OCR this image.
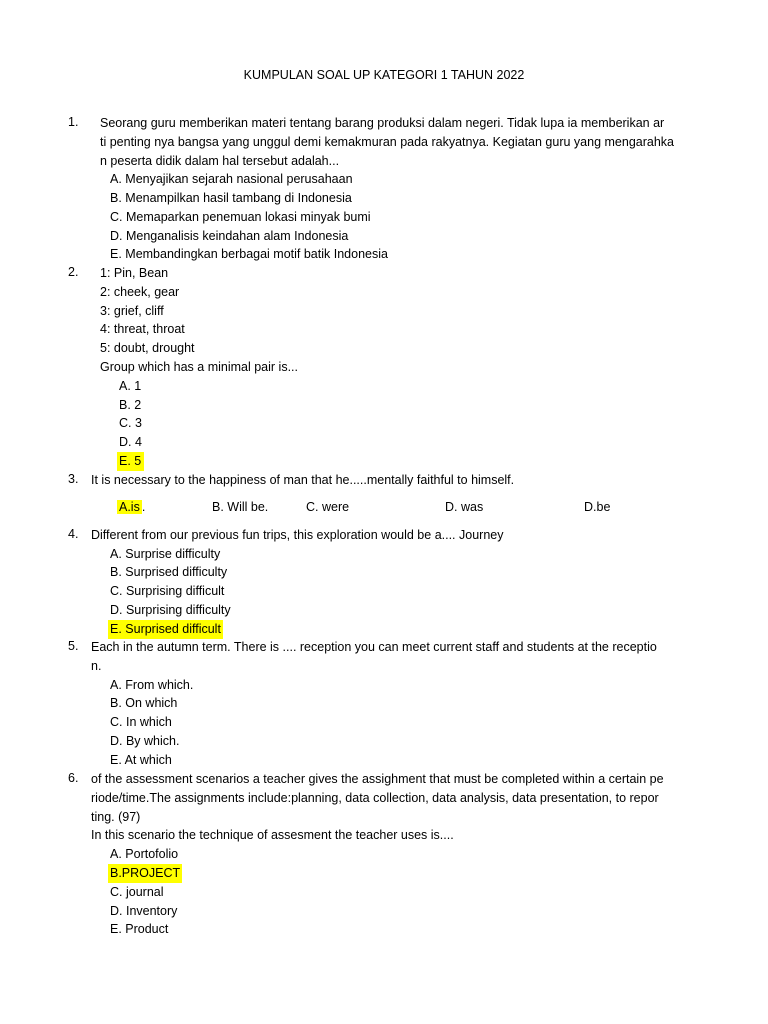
KUMPULAN SOAL UP KATEGORI 1 TAHUN 2022
1. Seorang guru memberikan materi tentang barang produksi dalam negeri. Tidak lupa ia memberikan ar
ti penting nya bangsa yang unggul demi kemakmuran pada rakyatnya. Kegiatan guru yang mengarahka
n peserta didik dalam hal tersebut adalah...
A. Menyajikan sejarah nasional perusahaan
B. Menampilkan hasil tambang di Indonesia
C. Memaparkan penemuan lokasi minyak bumi
D. Menganalisis keindahan alam Indonesia
E. Membandingkan berbagai motif batik Indonesia
2. 1: Pin, Bean
2: cheek, gear
3: grief, cliff
4: threat, throat
5: doubt, drought
Group which has a minimal pair is...
A. 1
B. 2
C. 3
D. 4
E. 5
3. It is necessary to the happiness of man that he.....mentally faithful to himself.
A.is .	B. Will be.	C. were	D. was	D.be
4. Different from our previous fun trips, this exploration would be a.... Journey
A. Surprise difficulty
B. Surprised difficulty
C. Surprising difficult
D. Surprising difficulty
E. Surprised difficult
5. Each in the autumn term. There is .... reception you can meet current staff and students at the receptio
n.
A. From which.
B. On which
C. In which
D. By which.
E. At which
6. of the assessment scenarios a teacher gives the assighment that must be completed within a certain pe
riode/time.The assignments include:planning, data collection, data analysis, data presentation, to repor
ting. (97)
In this scenario the technique of assesment the teacher uses is....
A. Portofolio
B.PROJECT
C. journal
D. Inventory
E. Product
